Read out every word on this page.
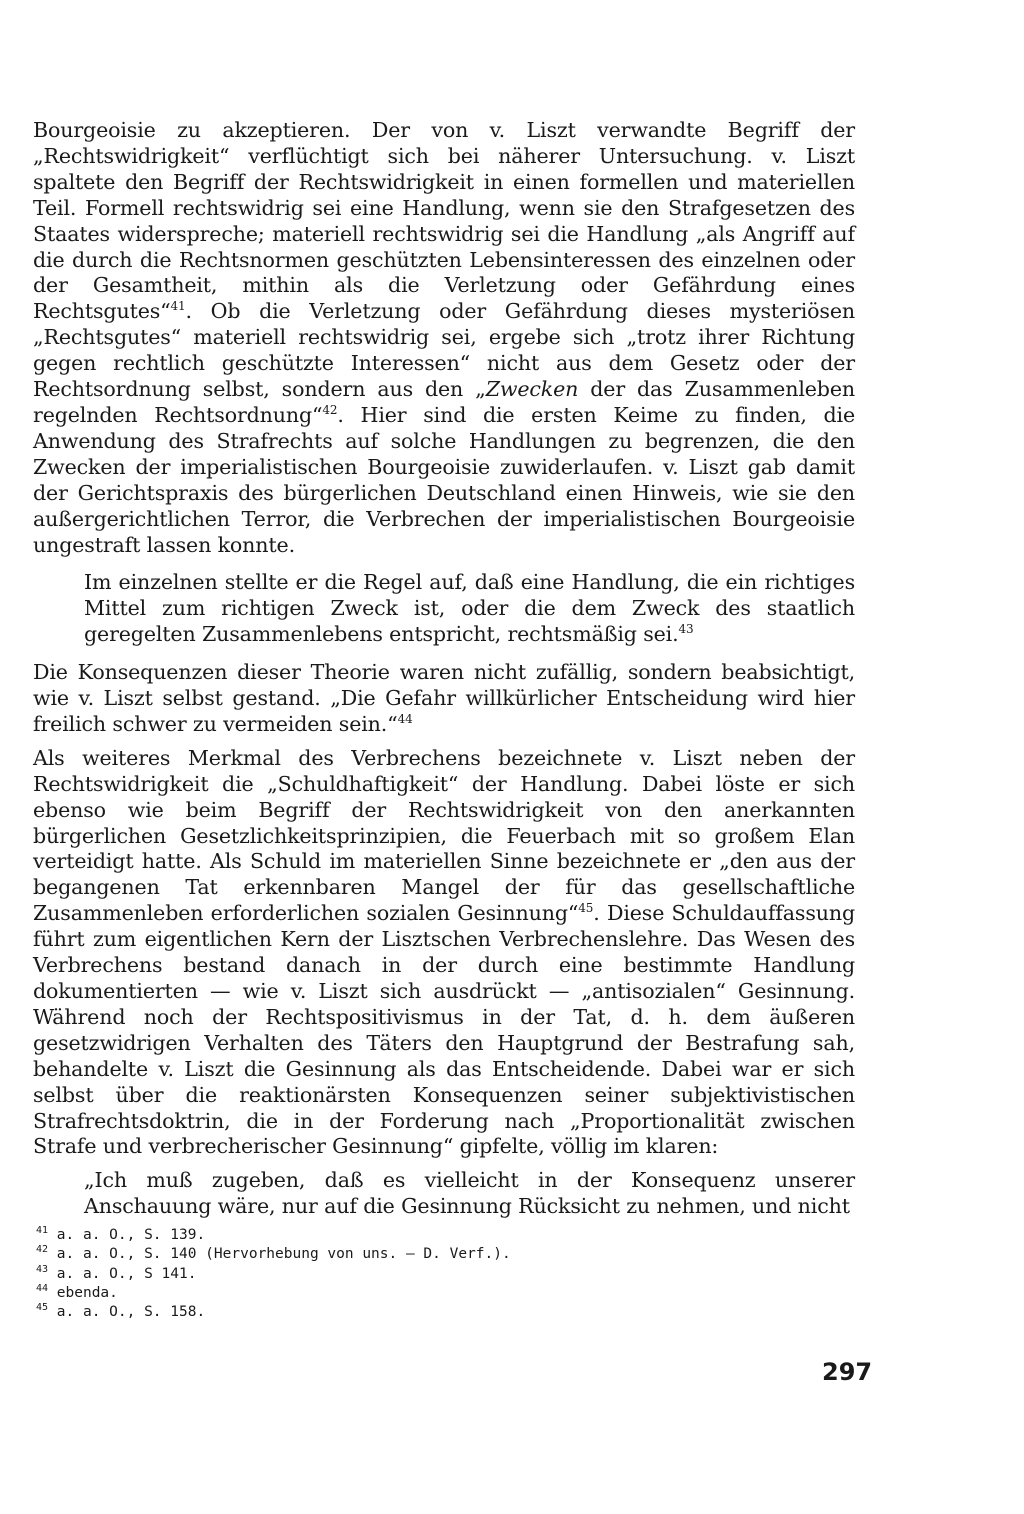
Bourgeoisie zu akzeptieren. Der von v. Liszt verwandte Begriff der „Rechtswidrigkeit“ verflüchtigt sich bei näherer Untersuchung. v. Liszt spaltete den Begriff der Rechtswidrigkeit in einen formellen und materiellen Teil. Formell rechtswidrig sei eine Handlung, wenn sie den Strafgesetzen des Staates widerspreche; materiell rechtswidrig sei die Handlung „als Angriff auf die durch die Rechtsnormen geschützten Lebensinteressen des einzelnen oder der Gesamtheit, mithin als die Verletzung oder Gefährdung eines Rechtsgutes“$^{41}$. Ob die Verletzung oder Gefährdung dieses mysteriösen „Rechtsgutes“ materiell rechtswidrig sei, ergebe sich „trotz ihrer Richtung gegen rechtlich geschützte Interessen“ nicht aus dem Gesetz oder der Rechtsordnung selbst, sondern aus den „Zwecken der das Zusammenleben regelnden Rechtsordnung“$^{42}$. Hier sind die ersten Keime zu finden, die Anwendung des Strafrechts auf solche Handlungen zu begrenzen, die den Zwecken der imperialistischen Bourgeoisie zuwiderlaufen. v. Liszt gab damit der Gerichtspraxis des bürgerlichen Deutschland einen Hinweis, wie sie den außergerichtlichen Terror, die Verbrechen der imperialistischen Bourgeoisie ungestraft lassen konnte.

Im einzelnen stellte er die Regel auf, daß eine Handlung, die ein richtiges Mittel zum richtigen Zweck ist, oder die dem Zweck des staatlich geregelten Zusammenlebens entspricht, rechtsmäßig sei.$^{43}$

Die Konsequenzen dieser Theorie waren nicht zufällig, sondern beabsichtigt, wie v. Liszt selbst gestand. „Die Gefahr willkürlicher Entscheidung wird hier freilich schwer zu vermeiden sein.“$^{44}$

Als weiteres Merkmal des Verbrechens bezeichnete v. Liszt neben der Rechtswidrigkeit die „Schuldhaftigkeit“ der Handlung. Dabei löste er sich ebenso wie beim Begriff der Rechtswidrigkeit von den anerkannten bürgerlichen Gesetzlichkeitsprinzipien, die Feuerbach mit so großem Elan verteidigt hatte. Als Schuld im materiellen Sinne bezeichnete er „den aus der begangenen Tat erkennbaren Mangel der für das gesellschaftliche Zusammenleben erforderlichen sozialen Gesinnung“$^{45}$. Diese Schuldauffassung führt zum eigentlichen Kern der Lisztschen Verbrechenslehre. Das Wesen des Verbrechens bestand danach in der durch eine bestimmte Handlung dokumentierten — wie v. Liszt sich ausdrückt — „antisozialen“ Gesinnung. Während noch der Rechtspositivismus in der Tat, d. h. dem äußeren gesetzwidrigen Verhalten des Täters den Hauptgrund der Bestrafung sah, behandelte v. Liszt die Gesinnung als das Entscheidende. Dabei war er sich selbst über die reaktionärsten Konsequenzen seiner subjektivistischen Strafrechtsdoktrin, die in der Forderung nach „Proportionalität zwischen Strafe und verbrecherischer Gesinnung“ gipfelte, völlig im klaren:

„Ich muß zugeben, daß es vielleicht in der Konsequenz unserer Anschauung wäre, nur auf die Gesinnung Rücksicht zu nehmen, und nicht

$^{41}$ a. a. O., S. 139.

$^{42}$ a. a. O., S. 140 (Hervorhebung von uns. — D. Verf.).

$^{43}$ a. a. O., S 141.

$^{44}$ ebenda.

$^{45}$ a. a. O., S. 158.

297
